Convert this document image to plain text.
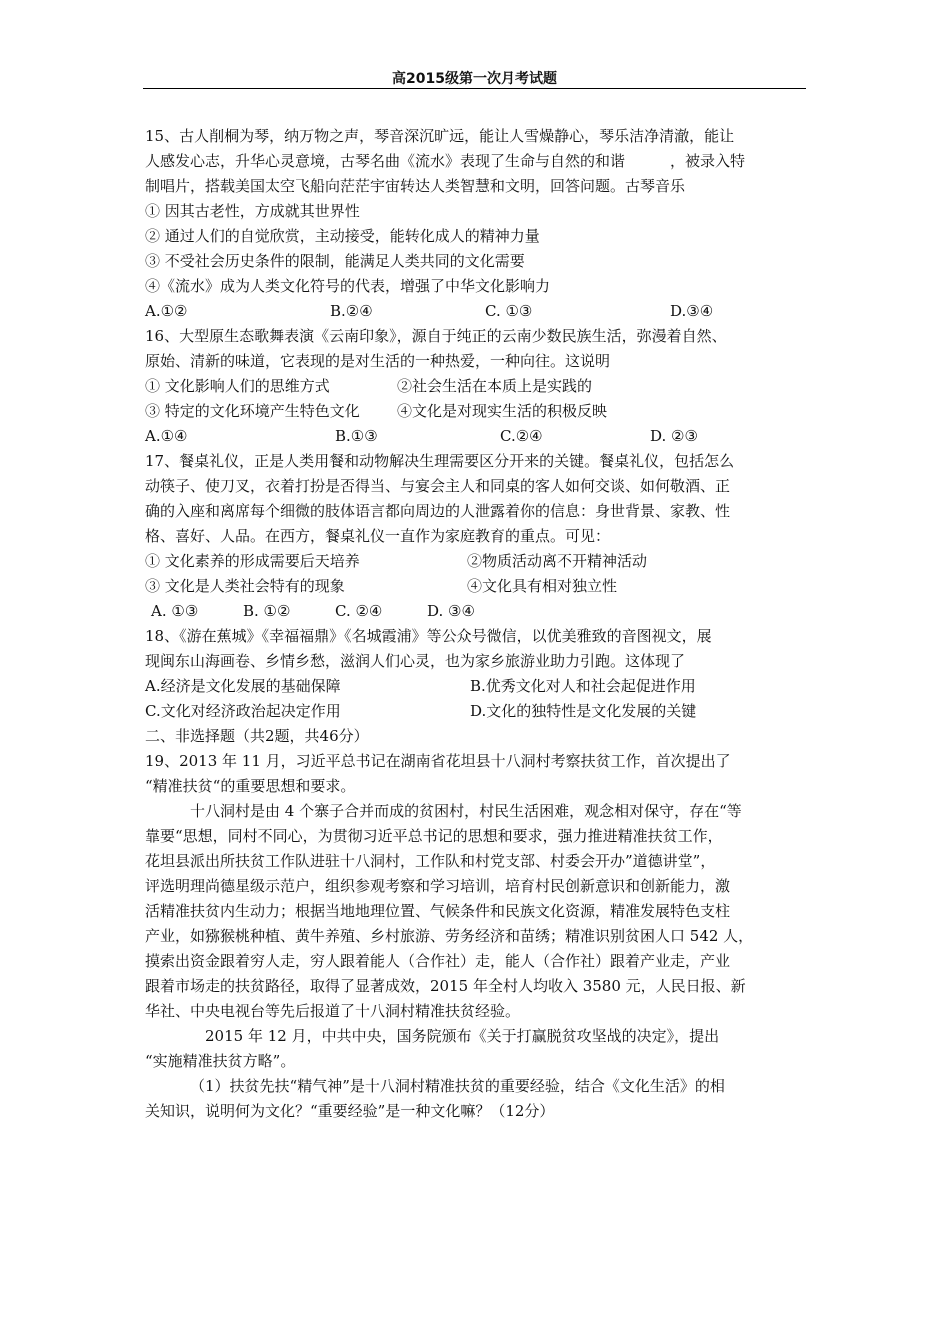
高2015级第一次月考试题
15、古人削桐为琴，纳万物之声，琴音深沉旷远，能让人雪燥静心，琴乐洁净清澈，能让
人感发心志，升华心灵意境，古琴名曲《流水》表现了生命与自然的和谐　　　，被录入特
制唱片，搭载美国太空飞船向茫茫宇宙转达人类智慧和文明，回答问题。古琴音乐
① 因其古老性，方成就其世界性
② 通过人们的自觉欣赏，主动接受，能转化成人的精神力量
③ 不受社会历史条件的限制，能满足人类共同的文化需要
④《流水》成为人类文化符号的代表，增强了中华文化影响力
A.①②	B.②④	C. ①③	D.③④
16、大型原生态歌舞表演《云南印象》，源自于纯正的云南少数民族生活，弥漫着自然、
原始、清新的味道，它表现的是对生活的一种热爱，一种向往。这说明
① 文化影响人们的思维方式	②社会生活在本质上是实践的
③ 特定的文化环境产生特色文化	④文化是对现实生活的积极反映
A.①④	B.①③	C.②④	D. ②③
17、餐桌礼仪，正是人类用餐和动物解决生理需要区分开来的关键。餐桌礼仪，包括怎么
动筷子、使刀叉，衣着打扮是否得当、与宴会主人和同桌的客人如何交谈、如何敬酒、正
确的入座和离席每个细微的肢体语言都向周边的人泄露着你的信息：身世背景、家教、性
格、喜好、人品。在西方，餐桌礼仪一直作为家庭教育的重点。可见：
① 文化素养的形成需要后天培养	②物质活动离不开精神活动
③ 文化是人类社会特有的现象	④文化具有相对独立性
A. ①③	B. ①②	C. ②④	D. ③④
18、《游在蕉城》《幸福福鼎》《名城霞浦》等公众号微信，以优美雅致的音图视文，展
现闽东山海画卷、乡情乡愁，滋润人们心灵，也为家乡旅游业助力引跑。这体现了
A.经济是文化发展的基础保障	B.优秀文化对人和社会起促进作用
C.文化对经济政治起决定作用	D.文化的独特性是文化发展的关键
二、非选择题（共2题，共46分）
19、2013 年 11 月，习近平总书记在湖南省花坦县十八洞村考察扶贫工作，首次提出了
“精准扶贫“的重要思想和要求。
十八洞村是由 4 个寨子合并而成的贫困村，村民生活困难，观念相对保守，存在“等
靠要“思想，同村不同心，为贯彻习近平总书记的思想和要求，强力推进精准扶贫工作，
花坦县派出所扶贫工作队进驻十八洞村，工作队和村党支部、村委会开办”道德讲堂”，
评选明理尚德星级示范户，组织参观考察和学习培训，培育村民创新意识和创新能力，激
活精准扶贫内生动力；根据当地地理位置、气候条件和民族文化资源，精准发展特色支柱
产业，如猕猴桃种植、黄牛养殖、乡村旅游、劳务经济和苗绣；精准识别贫困人口 542 人，
摸索出资金跟着穷人走，穷人跟着能人（合作社）走，能人（合作社）跟着产业走，产业
跟着市场走的扶贫路径，取得了显著成效，2015 年全村人均收入 3580 元，人民日报、新
华社、中央电视台等先后报道了十八洞村精准扶贫经验。
2015 年 12 月，中共中央，国务院颁布《关于打赢脱贫攻坚战的决定》，提出
“实施精准扶贫方略”。
（1）扶贫先扶“精气神”是十八洞村精准扶贫的重要经验，结合《文化生活》的相
关知识，说明何为文化？“重要经验”是一种文化嘛？（12分）
